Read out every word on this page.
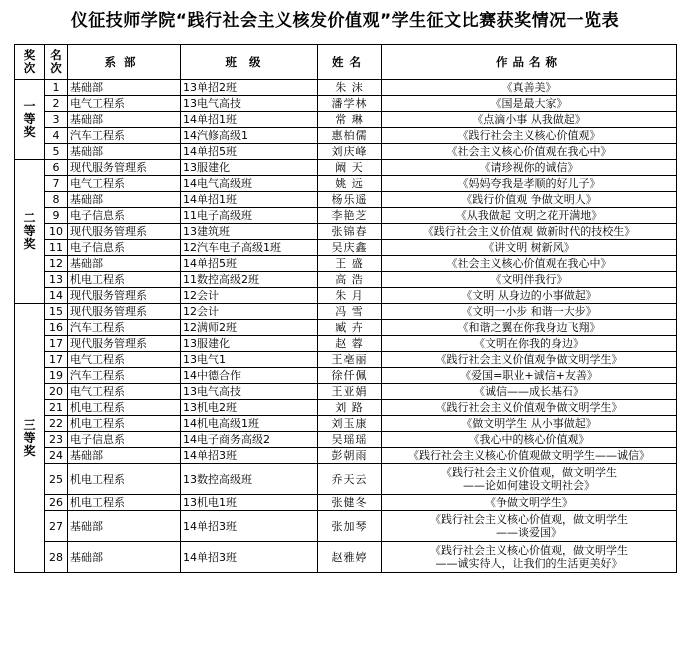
仪征技师学院“践行社会主义核发价值观”学生征文比赛获奖情况一览表
奖次	名次	系部	班级	姓名	作品名称

一等奖	1	基础部	13单招2班	朱 沫	《真善美》

	2	电气工程系	13电气高技	潘学林	《国是最大家》

	3	基础部	14单招1班	常 琳	《点滴小事 从我做起》

	4	汽车工程系	14汽修高级1	惠柏儒	《践行社会主义核心价值观》

	5	基础部	14单招5班	刘庆峰	《社会主义核心价值观在我心中》

二等奖	6	现代服务管理系	13服建化	阚 天	《请珍视你的诚信》

	7	电气工程系	14电气高级班	姚 远	《妈妈夸我是孝顺的好儿子》

	8	基础部	14单招1班	杨乐遥	《践行价值观 争做文明人》

	9	电子信息系	11电子高级班	李艳芝	《从我做起 文明之花开满地》

	10	现代服务管理系	13建筑班	张锦春	《践行社会主义价值观 做新时代的技校生》

	11	电子信息系	12汽车电子高级1班	吴庆鑫	《讲文明 树新风》

	12	基础部	14单招5班	王 盛	《社会主义核心价值观在我心中》

	13	机电工程系	11数控高级2班	高 浩	《文明伴我行》

	14	现代服务管理系	12会计	朱 月	《文明 从身边的小事做起》

三等奖	15	现代服务管理系	12会计	冯 雪	《文明一小步 和谐一大步》

	16	汽车工程系	12满师2班	臧 卉	《和谐之翼在你我身边飞翔》

	17	现代服务管理系	13服建化	赵 蓉	《文明在你我的身边》

	17	电气工程系	13电气1	王亳丽	《践行社会主义价值观争做文明学生》

	19	汽车工程系	14中德合作	徐仟佩	《爱国=职业+诚信+友善》

	20	电气工程系	13电气高技	王亚娟	《诚信——成长基石》

	21	机电工程系	13机电2班	刘 路	《践行社会主义价值观争做文明学生》

	22	机电工程系	14机电高级1班	刘玉康	《做文明学生 从小事做起》

	23	电子信息系	14电子商务高级2	吴瑶瑶	《我心中的核心价值观》

	24	基础部	14单招3班	彭朝雨	《践行社会主义核心价值观做文明学生——诚信》

	25	机电工程系	13数控高级班	乔天云	《践行社会主义价值观，做文明学生
——论如何建设文明社会》

	26	机电工程系	13机电1班	张健冬	《争做文明学生》

	27	基础部	14单招3班	张加琴	《践行社会主义核心价值观，做文明学生
——谈爱国》

	28	基础部	14单招3班	赵雅婷	《践行社会主义核心价值观，做文明学生
——诚实待人，让我们的生活更美好》
